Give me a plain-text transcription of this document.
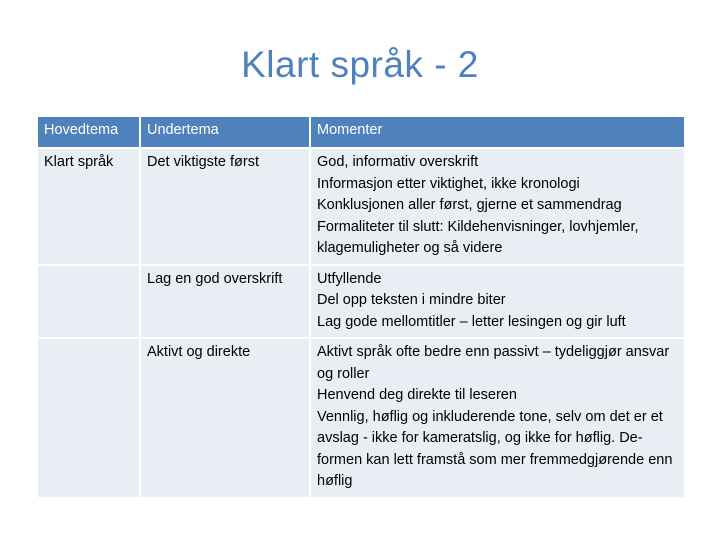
Klart språk - 2
Hovedtema	Undertema	Momenter
Klart språk	Det viktigste først	God, informativ overskrift
Informasjon etter viktighet, ikke kronologi
Konklusjonen aller først, gjerne et sammendrag
Formaliteter til slutt: Kildehenvisninger, lovhjemler, klagemuligheter og så videre

	Lag en god overskrift	Utfyllende
Del opp teksten i mindre biter
Lag gode mellomtitler – letter lesingen og gir luft

	Aktivt og direkte	Aktivt språk ofte bedre enn passivt – tydeliggjør ansvar og roller
Henvend deg direkte til leseren
Vennlig, høflig og inkluderende tone, selv om det er et avslag - ikke for kameratslig, og ikke for høflig. De-formen kan lett framstå som mer fremmedgjørende enn høflig
